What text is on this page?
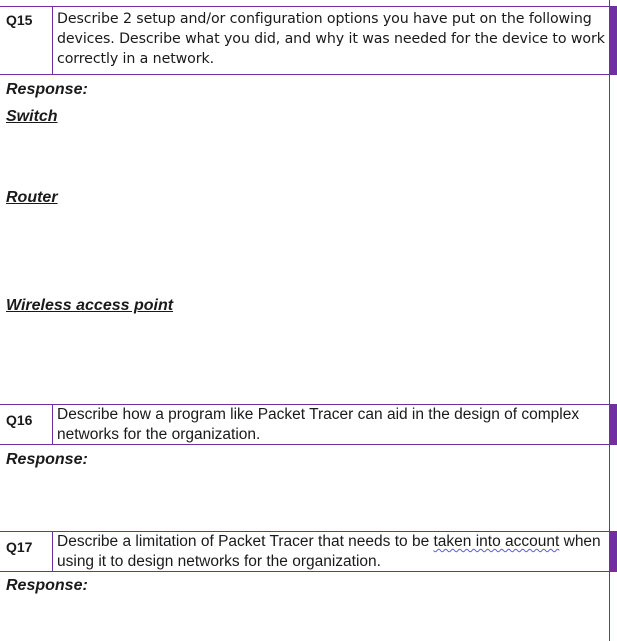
Q15 Describe 2 setup and/or configuration options you have put on the following devices. Describe what you did, and why it was needed for the device to work correctly in a network.
Response:
Switch
Router
Wireless access point
Q16 Describe how a program like Packet Tracer can aid in the design of complex networks for the organization.
Response:
Q17 Describe a limitation of Packet Tracer that needs to be taken into account when using it to design networks for the organization.
Response:
